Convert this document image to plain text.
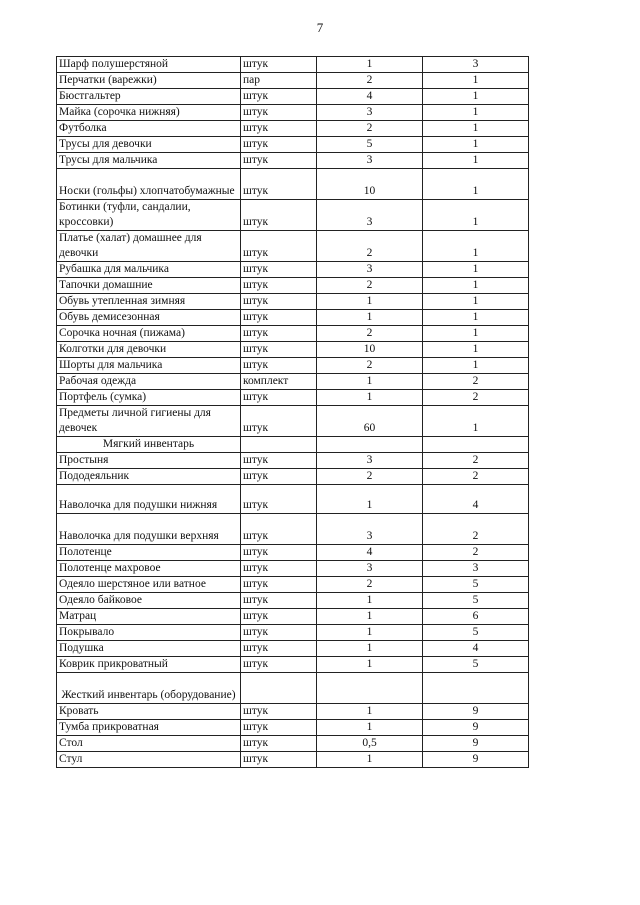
7
Шарф полушерстяной	штук	1	3
Перчатки (варежки)	пар	2	1
Бюстгальтер	штук	4	1
Майка (сорочка нижняя)	штук	3	1
Футболка	штук	2	1
Трусы для девочки	штук	5	1
Трусы для мальчика	штук	3	1
Носки (гольфы) хлопчатобумажные	штук	10	1
Ботинки (туфли, сандалии, кроссовки)	штук	3	1
Платье (халат) домашнее для девочки	штук	2	1
Рубашка для мальчика	штук	3	1
Тапочки домашние	штук	2	1
Обувь утепленная зимняя	штук	1	1
Обувь демисезонная	штук	1	1
Сорочка ночная (пижама)	штук	2	1
Колготки для девочки	штук	10	1
Шорты для мальчика	штук	2	1
Рабочая одежда	комплект	1	2
Портфель (сумка)	штук	1	2
Предметы личной гигиены для девочек	штук	60	1
Мягкий инвентарь			
Простыня	штук	3	2
Пододеяльник	штук	2	2
Наволочка для подушки нижняя	штук	1	4
Наволочка для подушки верхняя	штук	3	2
Полотенце	штук	4	2
Полотенце махровое	штук	3	3
Одеяло шерстяное или ватное	штук	2	5
Одеяло байковое	штук	1	5
Матрац	штук	1	6
Покрывало	штук	1	5
Подушка	штук	1	4
Коврик прикроватный	штук	1	5
Жесткий инвентарь (оборудование)			
Кровать	штук	1	9
Тумба прикроватная	штук	1	9
Стол	штук	0,5	9
Стул	штук	1	9
